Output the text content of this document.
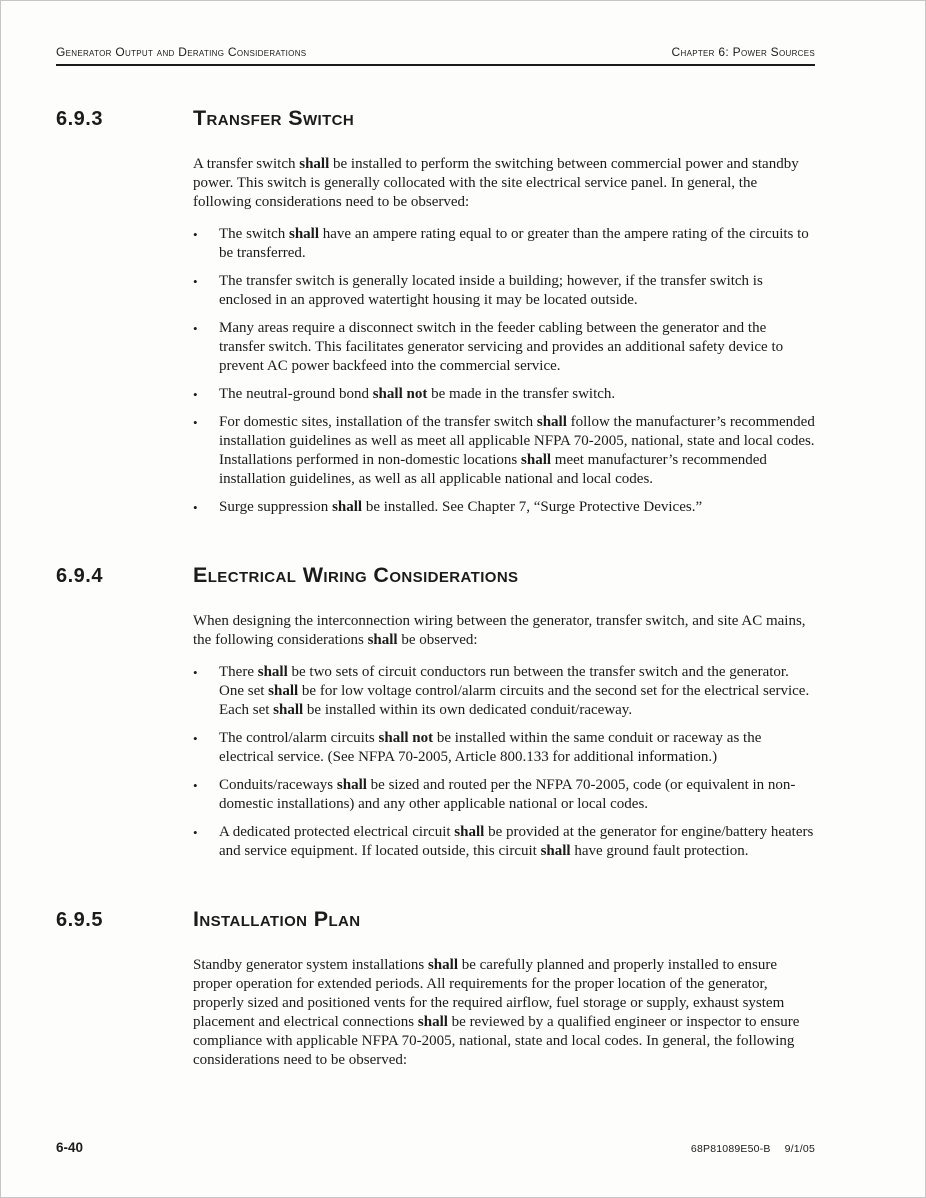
Generator Output and Derating Considerations	Chapter 6: Power Sources
6.9.3	Transfer Switch

A transfer switch shall be installed to perform the switching between commercial power and standby power. This switch is generally collocated with the site electrical service panel. In general, the following considerations need to be observed:

•	The switch shall have an ampere rating equal to or greater than the ampere rating of the circuits to be transferred.
•	The transfer switch is generally located inside a building; however, if the transfer switch is enclosed in an approved watertight housing it may be located outside.
•	Many areas require a disconnect switch in the feeder cabling between the generator and the transfer switch. This facilitates generator servicing and provides an additional safety device to prevent AC power backfeed into the commercial service.
•	The neutral-ground bond shall not be made in the transfer switch.
•	For domestic sites, installation of the transfer switch shall follow the manufacturer’s recommended installation guidelines as well as meet all applicable NFPA 70-2005, national, state and local codes. Installations performed in non-domestic locations shall meet manufacturer’s recommended installation guidelines, as well as all applicable national and local codes.
•	Surge suppression shall be installed. See Chapter 7, “Surge Protective Devices.”
6.9.4	Electrical Wiring Considerations

When designing the interconnection wiring between the generator, transfer switch, and site AC mains, the following considerations shall be observed:

•	There shall be two sets of circuit conductors run between the transfer switch and the generator. One set shall be for low voltage control/alarm circuits and the second set for the electrical service. Each set shall be installed within its own dedicated conduit/raceway.
•	The control/alarm circuits shall not be installed within the same conduit or raceway as the electrical service. (See NFPA 70-2005, Article 800.133 for additional information.)
•	Conduits/raceways shall be sized and routed per the NFPA 70-2005, code (or equivalent in non-domestic installations) and any other applicable national or local codes.
•	A dedicated protected electrical circuit shall be provided at the generator for engine/battery heaters and service equipment. If located outside, this circuit shall have ground fault protection.
6.9.5	Installation Plan

Standby generator system installations shall be carefully planned and properly installed to ensure proper operation for extended periods. All requirements for the proper location of the generator, properly sized and positioned vents for the required airflow, fuel storage or supply, exhaust system placement and electrical connections shall be reviewed by a qualified engineer or inspector to ensure compliance with applicable NFPA 70-2005, national, state and local codes. In general, the following considerations need to be observed:

6-40	68P81089E50-B 9/1/05
